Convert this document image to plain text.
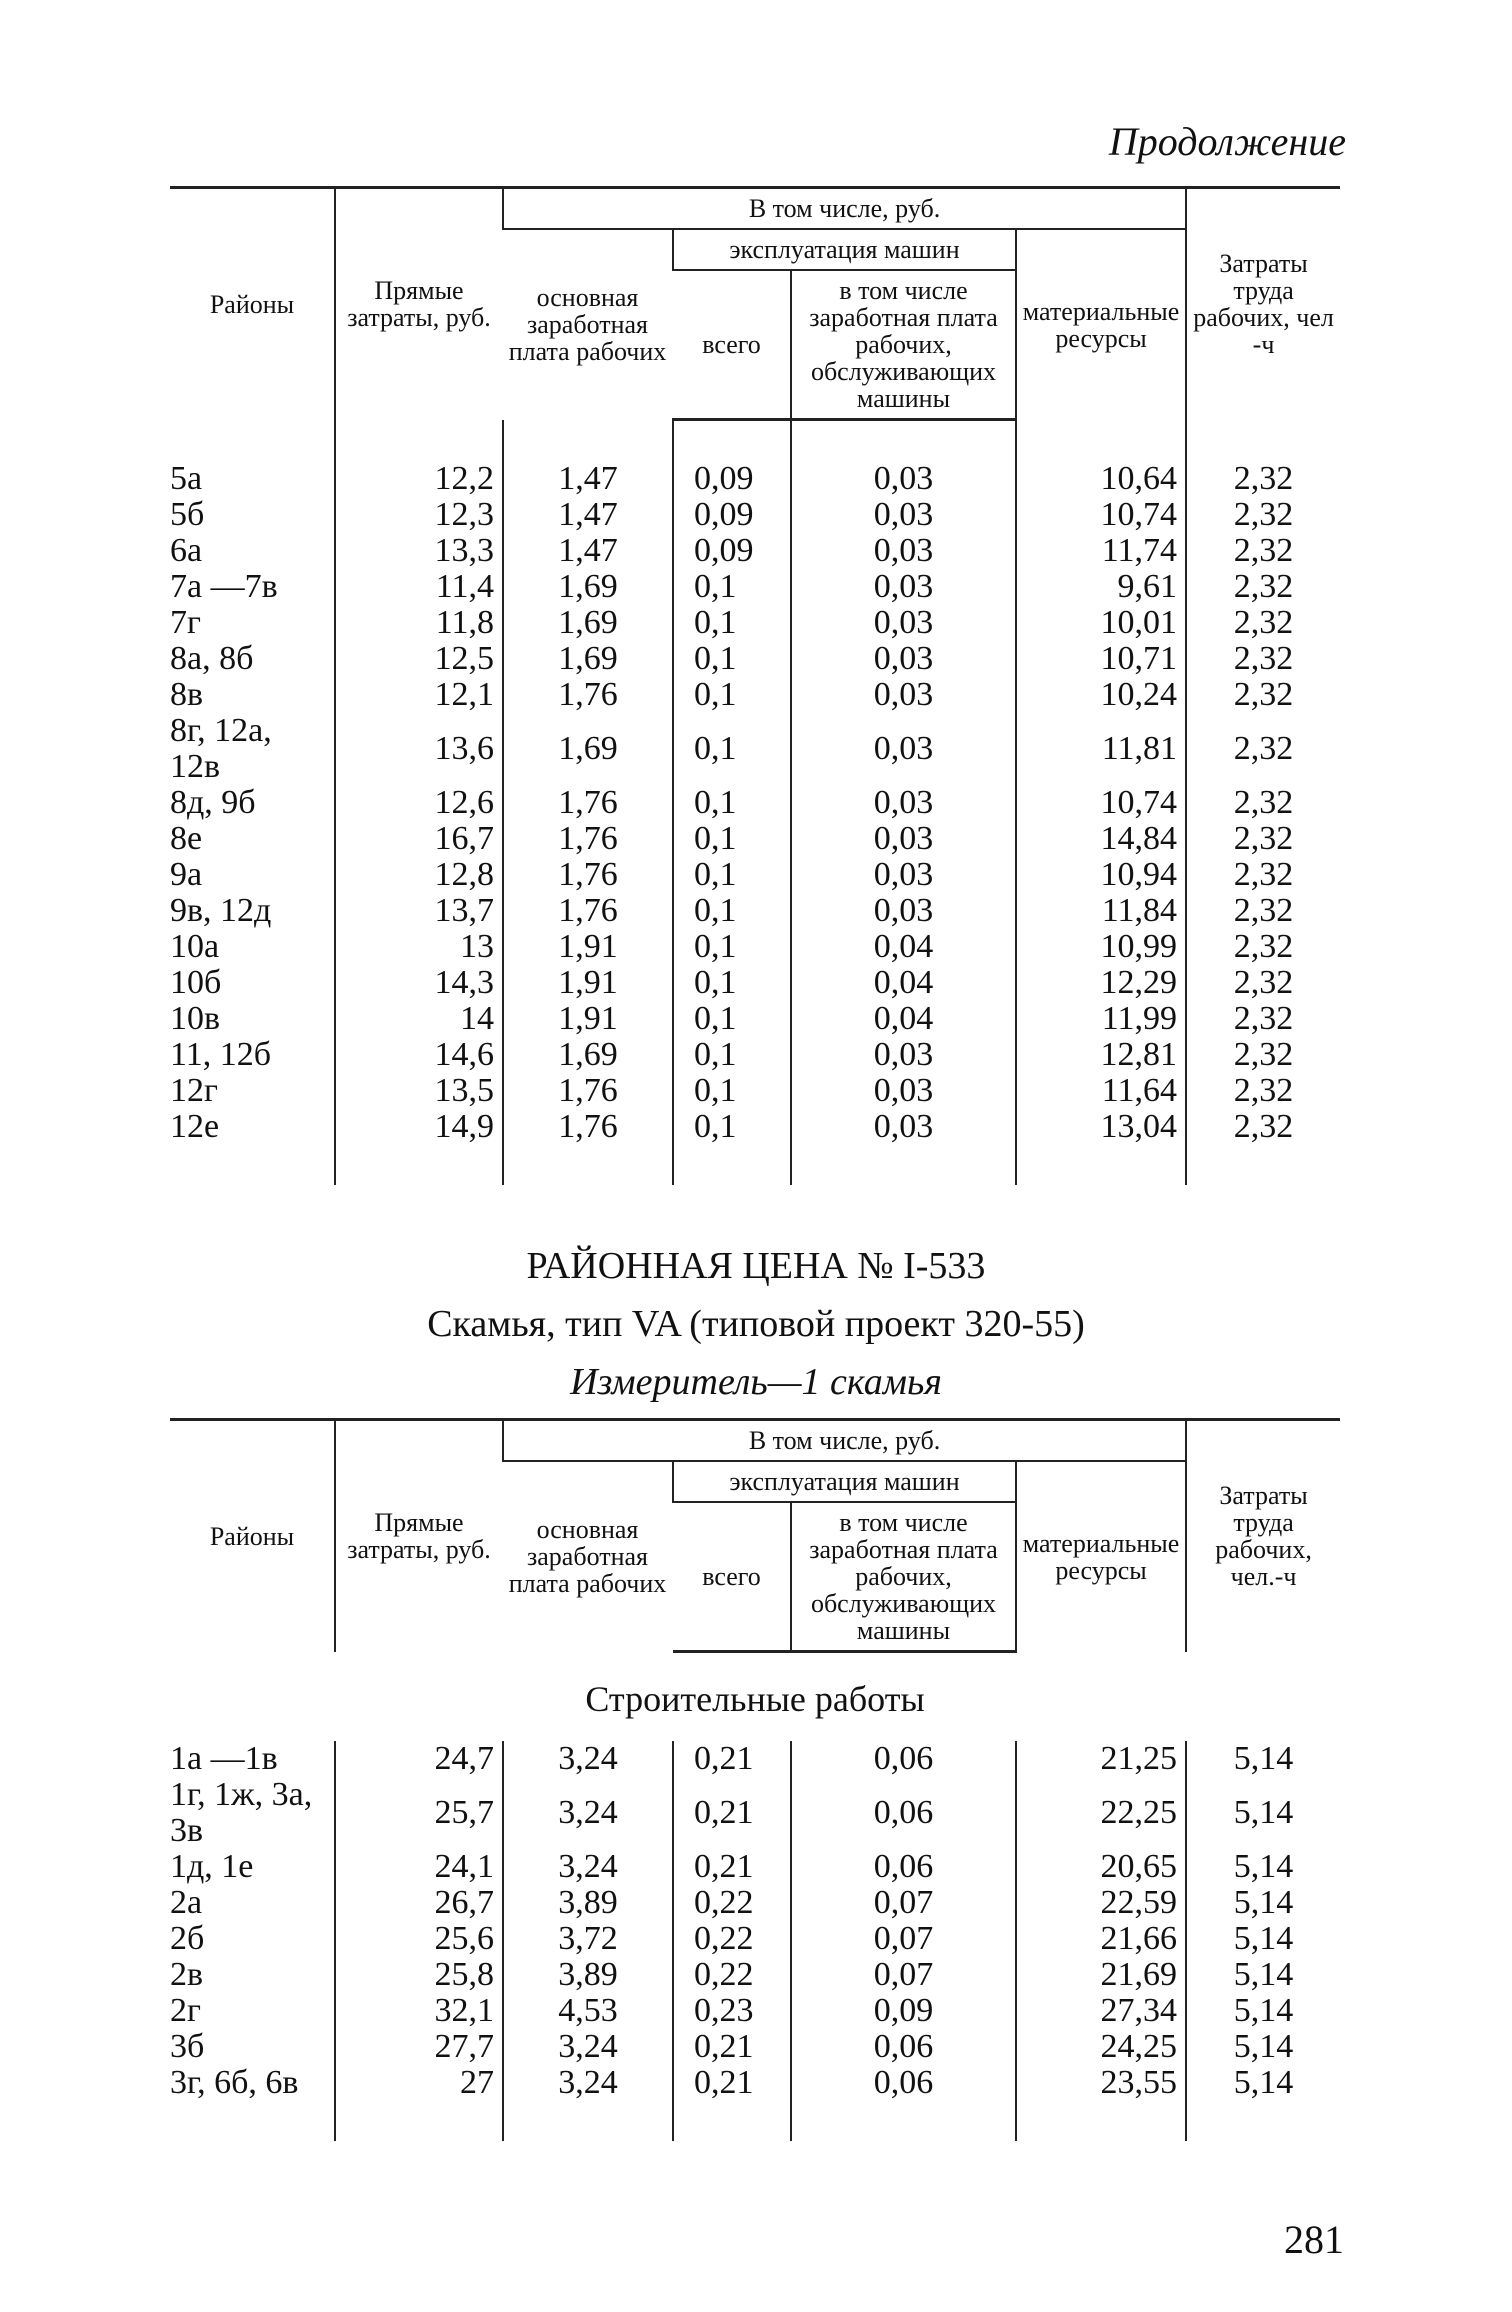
Продолжение
Районы	Прямые затраты, руб.	В том числе, руб.				Затраты труда рабочих, чел -ч
		основная заработная плата рабочих	эксплуатация машин		материальные ресурсы	
			всего	в том числе заработная плата рабочих, обслуживающих машины		

5а	12,2	1,47	0,09	0,03	10,64	2,32
5б	12,3	1,47	0,09	0,03	10,74	2,32
6а	13,3	1,47	0,09	0,03	11,74	2,32
7а —7в	11,4	1,69	0,1	0,03	9,61	2,32
7г	11,8	1,69	0,1	0,03	10,01	2,32
8а, 8б	12,5	1,69	0,1	0,03	10,71	2,32
8в	12,1	1,76	0,1	0,03	10,24	2,32
8г, 12а, 12в	13,6	1,69	0,1	0,03	11,81	2,32
8д, 9б	12,6	1,76	0,1	0,03	10,74	2,32
8е	16,7	1,76	0,1	0,03	14,84	2,32
9а	12,8	1,76	0,1	0,03	10,94	2,32
9в, 12д	13,7	1,76	0,1	0,03	11,84	2,32
10а	13	1,91	0,1	0,04	10,99	2,32
10б	14,3	1,91	0,1	0,04	12,29	2,32
10в	14	1,91	0,1	0,04	11,99	2,32
11, 12б	14,6	1,69	0,1	0,03	12,81	2,32
12г	13,5	1,76	0,1	0,03	11,64	2,32
12е	14,9	1,76	0,1	0,03	13,04	2,32

РАЙОННАЯ ЦЕНА № I-533
Скамья, тип VA (типовой проект 320-55)
Измеритель—1 скамья
Районы	Прямые затраты, руб.	В том числе, руб.				Затраты труда рабочих, чел.-ч
		основная заработная плата рабочих	эксплуатация машин		материальные ресурсы	
			всего	в том числе заработная плата рабочих, обслуживающих машины		
Строительные работы						
1а —1в	24,7	3,24	0,21	0,06	21,25	5,14
1г, 1ж, 3а, 3в	25,7	3,24	0,21	0,06	22,25	5,14
1д, 1е	24,1	3,24	0,21	0,06	20,65	5,14
2а	26,7	3,89	0,22	0,07	22,59	5,14
2б	25,6	3,72	0,22	0,07	21,66	5,14
2в	25,8	3,89	0,22	0,07	21,69	5,14
2г	32,1	4,53	0,23	0,09	27,34	5,14
3б	27,7	3,24	0,21	0,06	24,25	5,14
3г, 6б, 6в	27	3,24	0,21	0,06	23,55	5,14

281
